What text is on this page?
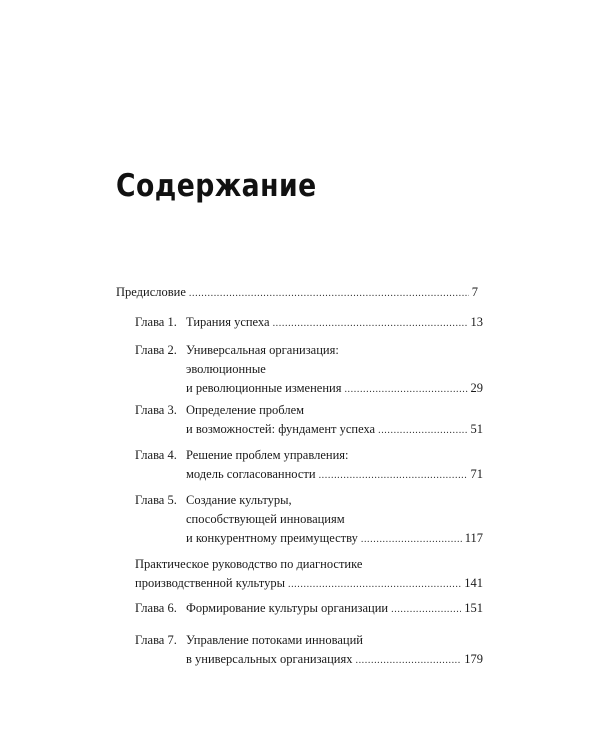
Содержание
Предисловие .....	7
Глава 1. Тирания успеха .....	13
Глава 2. Универсальная организация:
эволюционные
и революционные изменения .....	29
Глава 3. Определение проблем
и возможностей: фундамент успеха .....	51
Глава 4. Решение проблем управления:
модель согласованности .....	71
Глава 5. Создание культуры,
способствующей инновациям
и конкурентному преимуществу .....	117
Практическое руководство по диагностике
производственной культуры .....	141
Глава 6. Формирование культуры организации .....	151
Глава 7. Управление потоками инноваций
в универсальных организациях .....	179
